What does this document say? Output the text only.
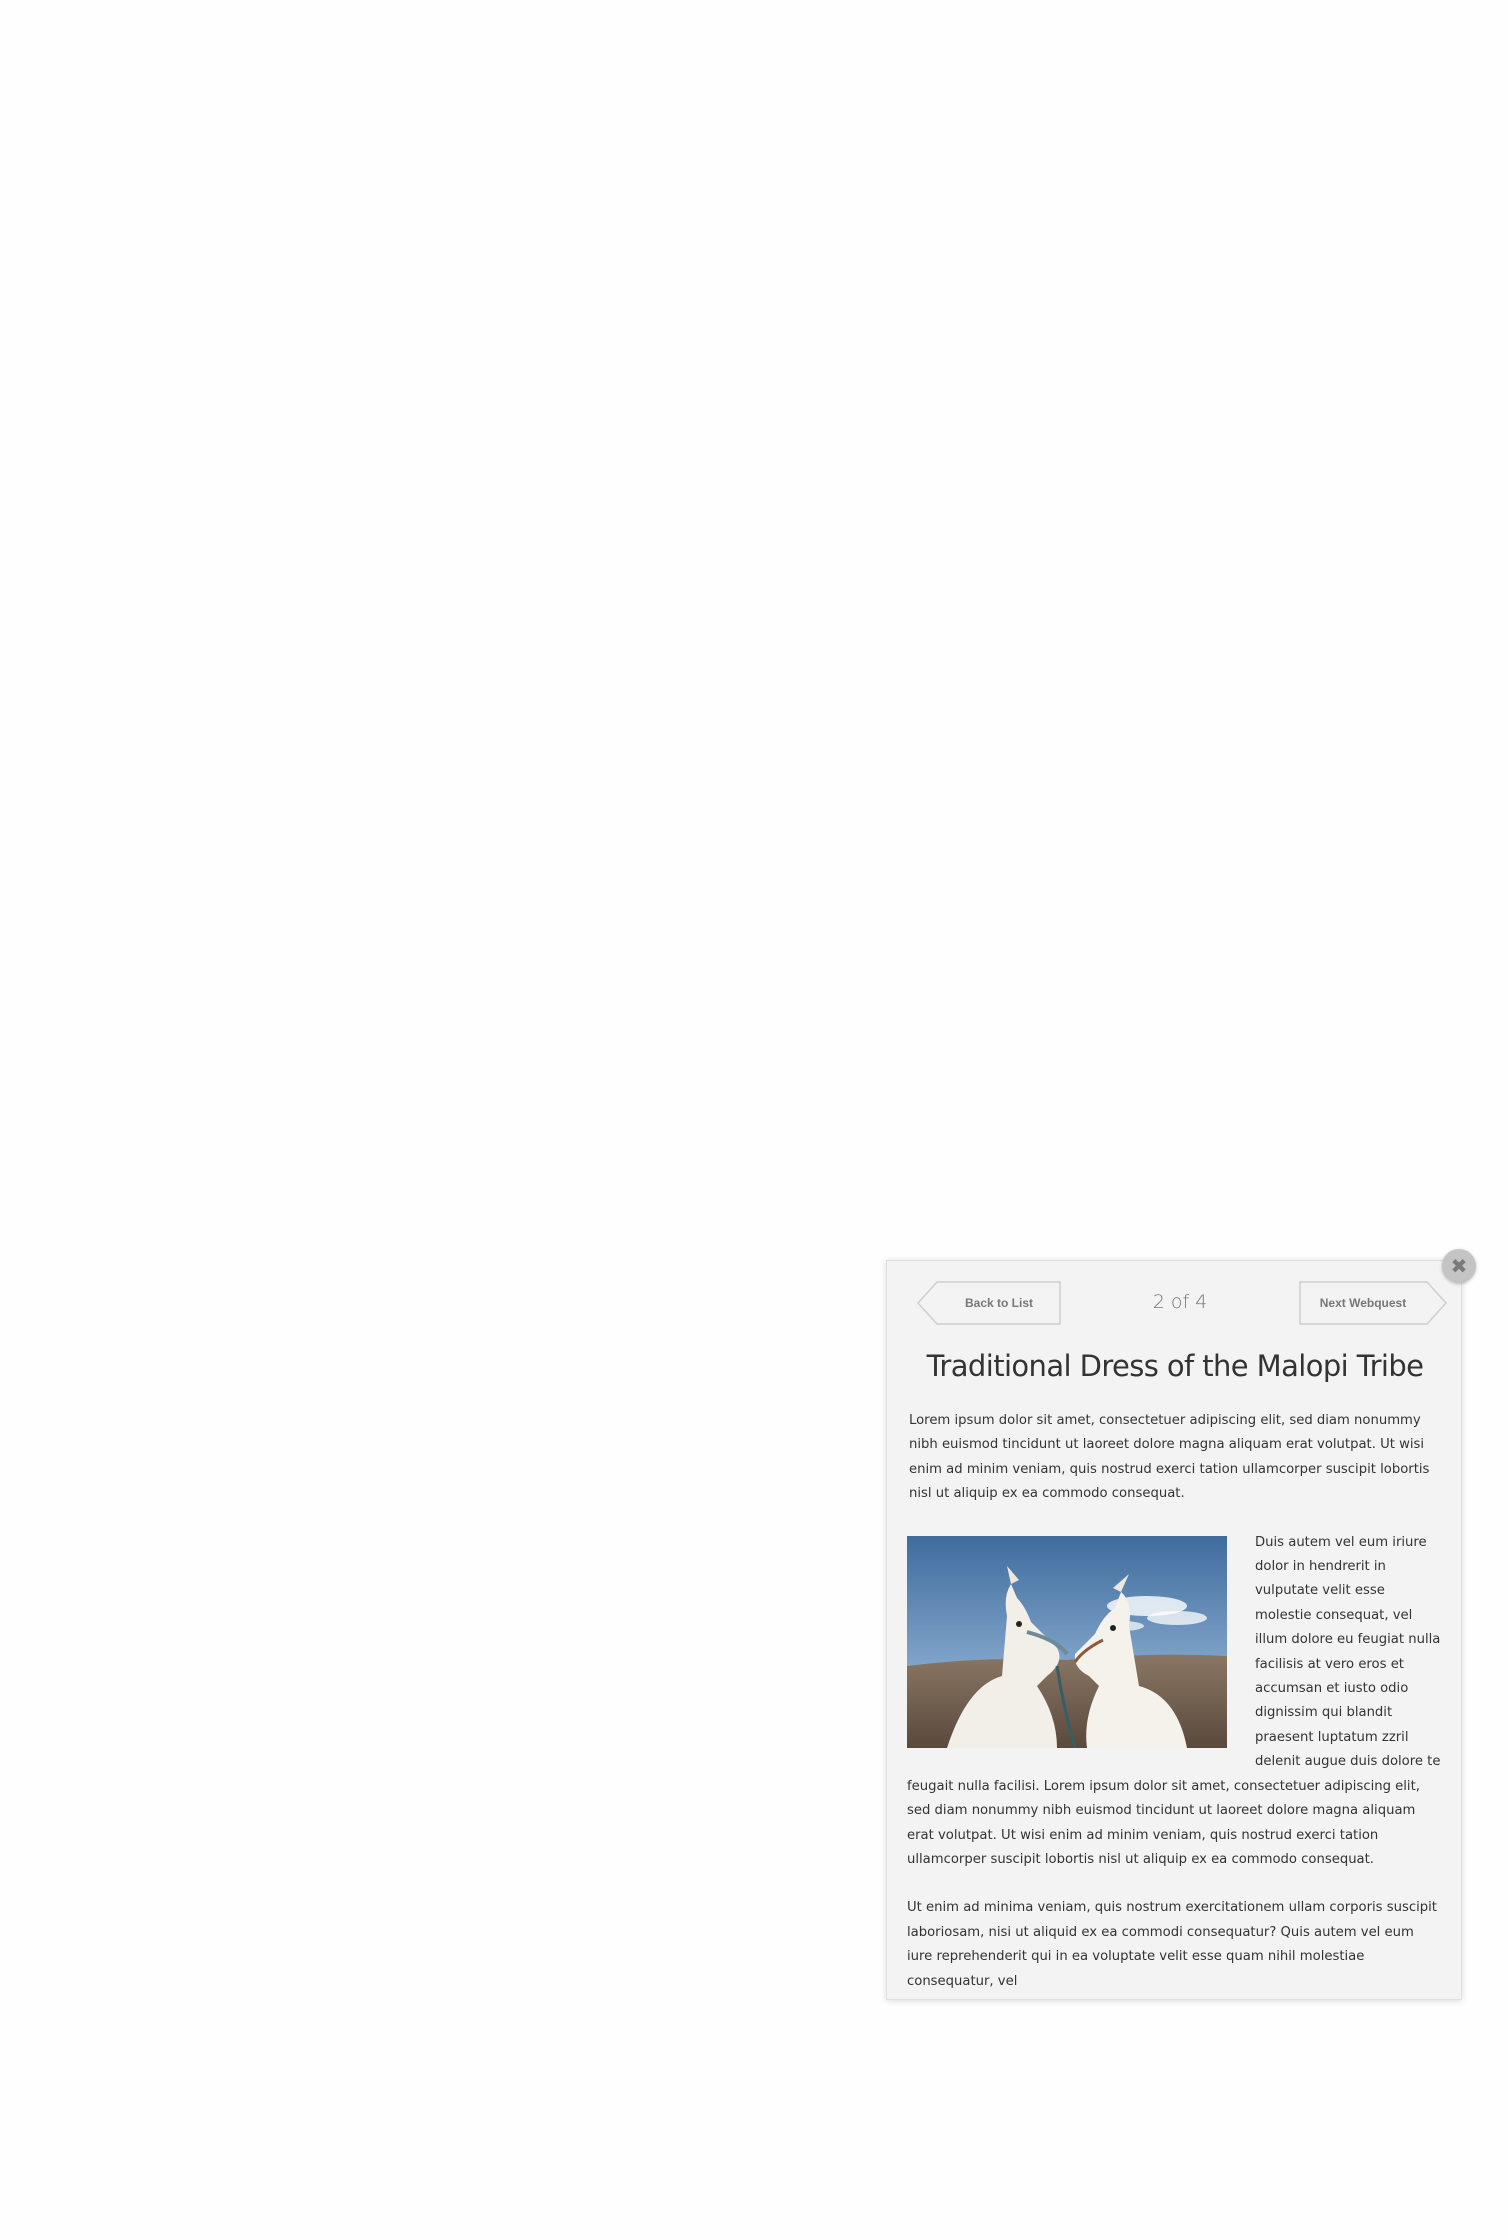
Back to List	2 of 4	Next Webquest
Traditional Dress of the Malopi Tribe

Lorem ipsum dolor sit amet, consectetuer adipiscing elit, sed diam nonummy nibh euismod tincidunt ut laoreet dolore magna aliquam erat volutpat. Ut wisi enim ad minim veniam, quis nostrud exerci tation ullamcorper suscipit lobortis nisl ut aliquip ex ea commodo consequat.

Duis autem vel eum iriure dolor in hendrerit in vulputate velit esse molestie consequat, vel illum dolore eu feugiat nulla facilisis at vero eros et accumsan et iusto odio dignissim qui blandit praesent luptatum zzril delenit augue duis dolore te feugait nulla facilisi. Lorem ipsum dolor sit amet, consectetuer adipiscing elit, sed diam nonummy nibh euismod tincidunt ut laoreet dolore magna aliquam erat volutpat. Ut wisi enim ad minim veniam, quis nostrud exerci tation ullamcorper suscipit lobortis nisl ut aliquip ex ea commodo consequat.

Ut enim ad minima veniam, quis nostrum exercitationem ullam corporis suscipit laboriosam, nisi ut aliquid ex ea commodi consequatur? Quis autem vel eum iure reprehenderit qui in ea voluptate velit esse quam nihil molestiae consequatur, vel

✖
